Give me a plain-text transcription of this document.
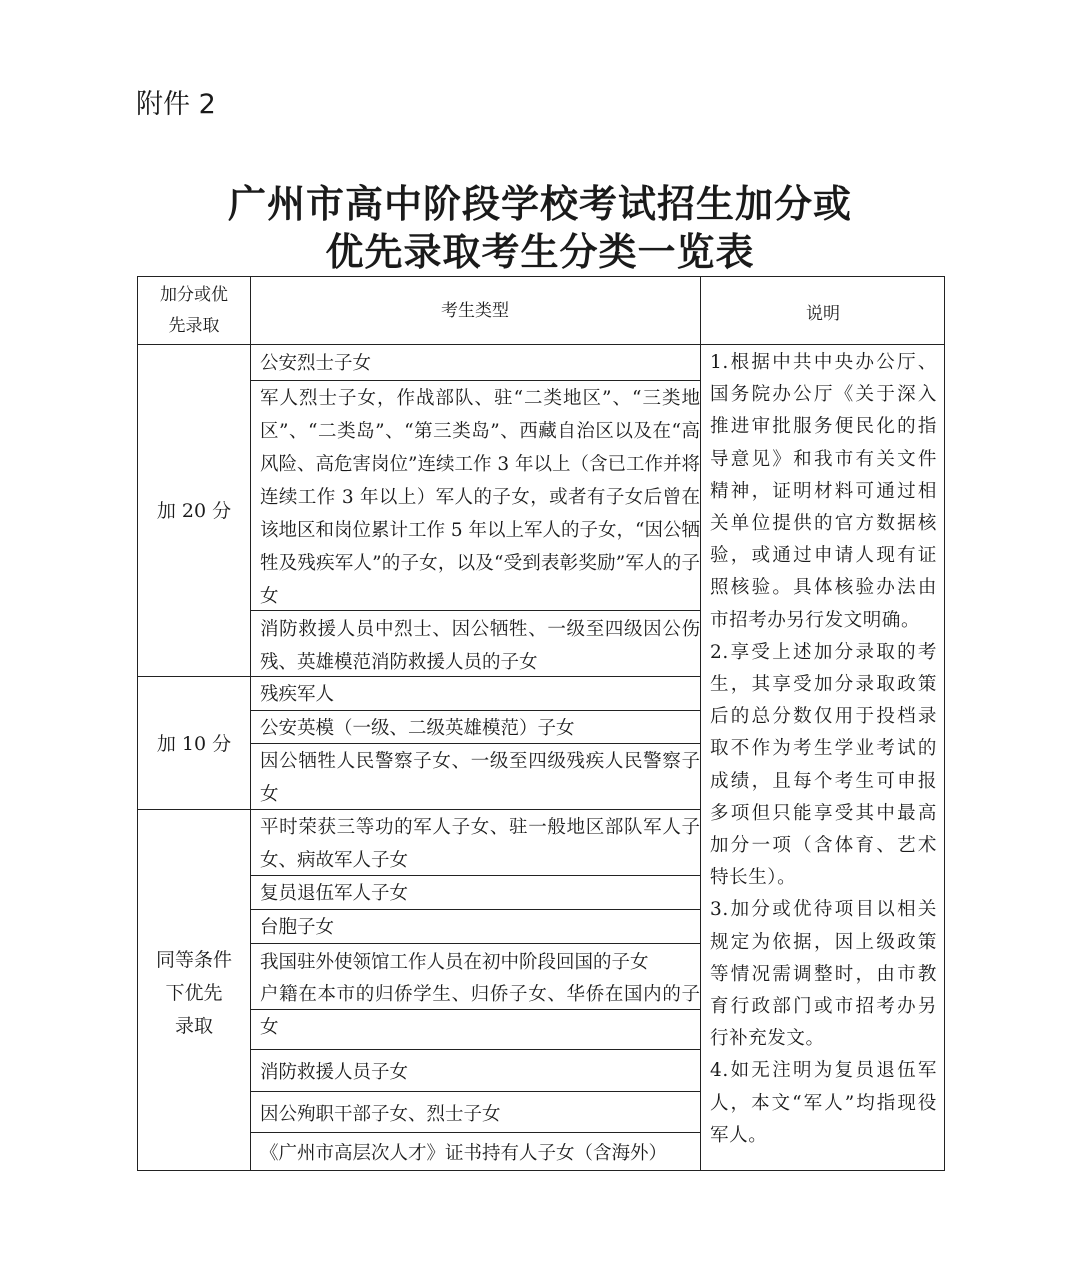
附件 2
广州市高中阶段学校考试招生加分或
优先录取考生分类一览表
加分或优
先录取
考生类型	说明
加 20 分
加 10 分
同等条件
下优先
录取
公安烈士子女
军人烈士子女，作战部队、驻“二类地区”、“三类地区”、“二类岛”、“第三类岛”、西藏自治区以及在“高风险、高危害岗位”连续工作 3 年以上（含已工作并将连续工作 3 年以上）军人的子女，或者有子女后曾在该地区和岗位累计工作 5 年以上军人的子女，“因公牺牲及残疾军人”的子女，以及“受到表彰奖励”军人的子女
消防救援人员中烈士、因公牺牲、一级至四级因公伤残、英雄模范消防救援人员的子女
残疾军人
公安英模（一级、二级英雄模范）子女
因公牺牲人民警察子女、一级至四级残疾人民警察子女
平时荣获三等功的军人子女、驻一般地区部队军人子女、病故军人子女
复员退伍军人子女
台胞子女
我国驻外使领馆工作人员在初中阶段回国的子女
户籍在本市的归侨学生、归侨子女、华侨在国内的子女
消防救援人员子女
因公殉职干部子女、烈士子女
《广州市高层次人才》证书持有人子女（含海外）

1.根据中共中央办公厅、国务院办公厅《关于深入推进审批服务便民化的指导意见》和我市有关文件精神，证明材料可通过相关单位提供的官方数据核验，或通过申请人现有证照核验。具体核验办法由市招考办另行发文明确。

2.享受上述加分录取的考生，其享受加分录取政策后的总分数仅用于投档录取不作为考生学业考试的成绩，且每个考生可申报多项但只能享受其中最高加分一项（含体育、艺术特长生）。

3.加分或优待项目以相关规定为依据，因上级政策等情况需调整时，由市教育行政部门或市招考办另行补充发文。

4.如无注明为复员退伍军人，本文“军人”均指现役军人。
